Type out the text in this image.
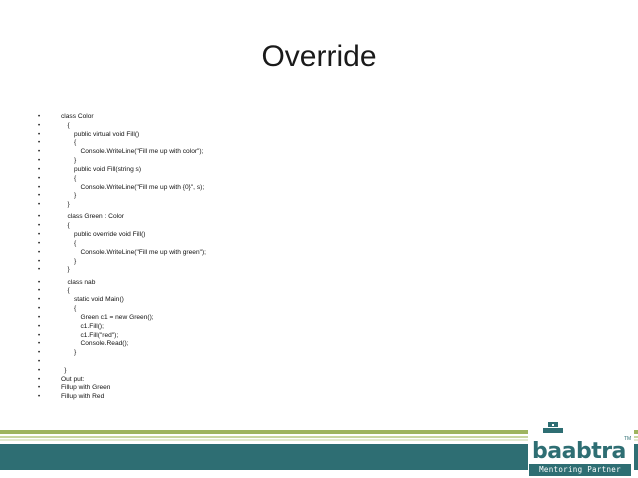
Override
•	class Color
•	{
•	public virtual void Fill()
•	{
•	Console.WriteLine("Fill me up with color");
•	}
•	public void Fill(string s)
•	{
•	Console.WriteLine("Fill me up with {0}", s);
•	}
•	}
•	class Green : Color
•	{
•	public override void Fill()
•	{
•	Console.WriteLine("Fill me up with green");
•	}
•	}
•	class nab
•	{
•	static void Main()
•	{
•	Green c1 = new Green();
•	c1.Fill();
•	c1.Fill("red");
•	Console.Read();
•	}
•
•	}
•	Out put:
•	Fillup with Green
•	Fillup with Red
baabtra
TM
Mentoring Partner
